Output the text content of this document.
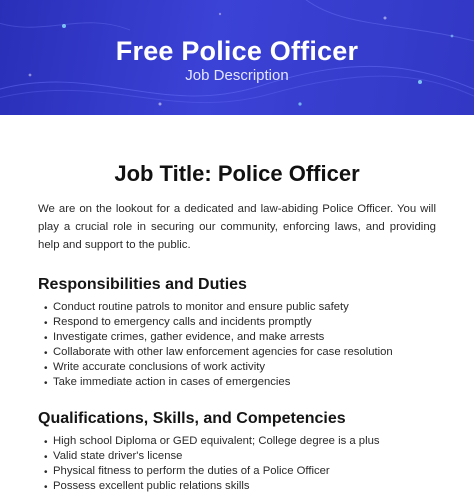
Free Police Officer
Job Description
Job Title: Police Officer

We are on the lookout for a dedicated and law-abiding Police Officer. You will play a crucial role in securing our community, enforcing laws, and providing help and support to the public.

Responsibilities and Duties
• Conduct routine patrols to monitor and ensure public safety
• Respond to emergency calls and incidents promptly
• Investigate crimes, gather evidence, and make arrests
• Collaborate with other law enforcement agencies for case resolution
• Write accurate conclusions of work activity
• Take immediate action in cases of emergencies
Qualifications, Skills, and Competencies
• High school Diploma or GED equivalent; College degree is a plus
• Valid state driver's license
• Physical fitness to perform the duties of a Police Officer
• Possess excellent public relations skills
